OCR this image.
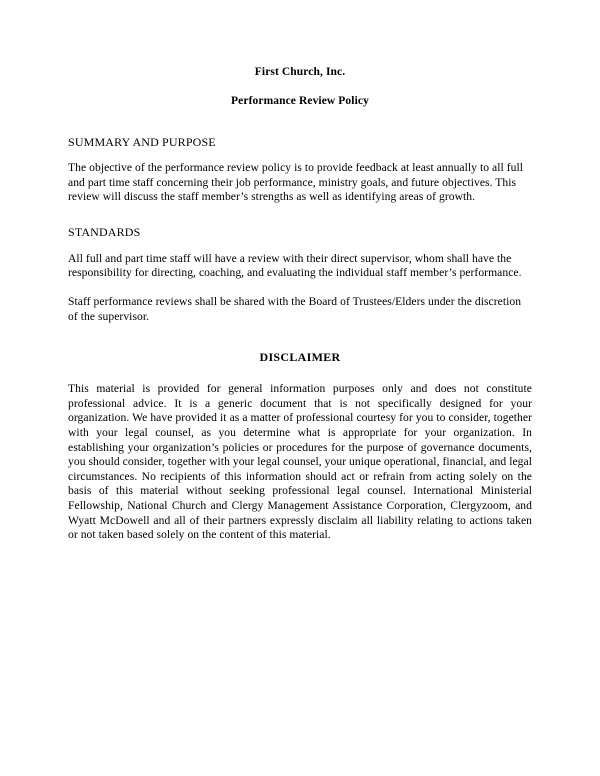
First Church, Inc.
Performance Review Policy
SUMMARY AND PURPOSE

The objective of the performance review policy is to provide feedback at least annually to all full and part time staff concerning their job performance, ministry goals, and future objectives. This review will discuss the staff member’s strengths as well as identifying areas of growth.

STANDARDS

All full and part time staff will have a review with their direct supervisor, whom shall have the responsibility for directing, coaching, and evaluating the individual staff member’s performance.

Staff performance reviews shall be shared with the Board of Trustees/Elders under the discretion of the supervisor.

DISCLAIMER

This material is provided for general information purposes only and does not constitute professional advice. It is a generic document that is not specifically designed for your organization. We have provided it as a matter of professional courtesy for you to consider, together with your legal counsel, as you determine what is appropriate for your organization. In establishing your organization’s policies or procedures for the purpose of governance documents, you should consider, together with your legal counsel, your unique operational, financial, and legal circumstances. No recipients of this information should act or refrain from acting solely on the basis of this material without seeking professional legal counsel. International Ministerial Fellowship, National Church and Clergy Management Assistance Corporation, Clergyzoom, and Wyatt McDowell and all of their partners expressly disclaim all liability relating to actions taken or not taken based solely on the content of this material.
